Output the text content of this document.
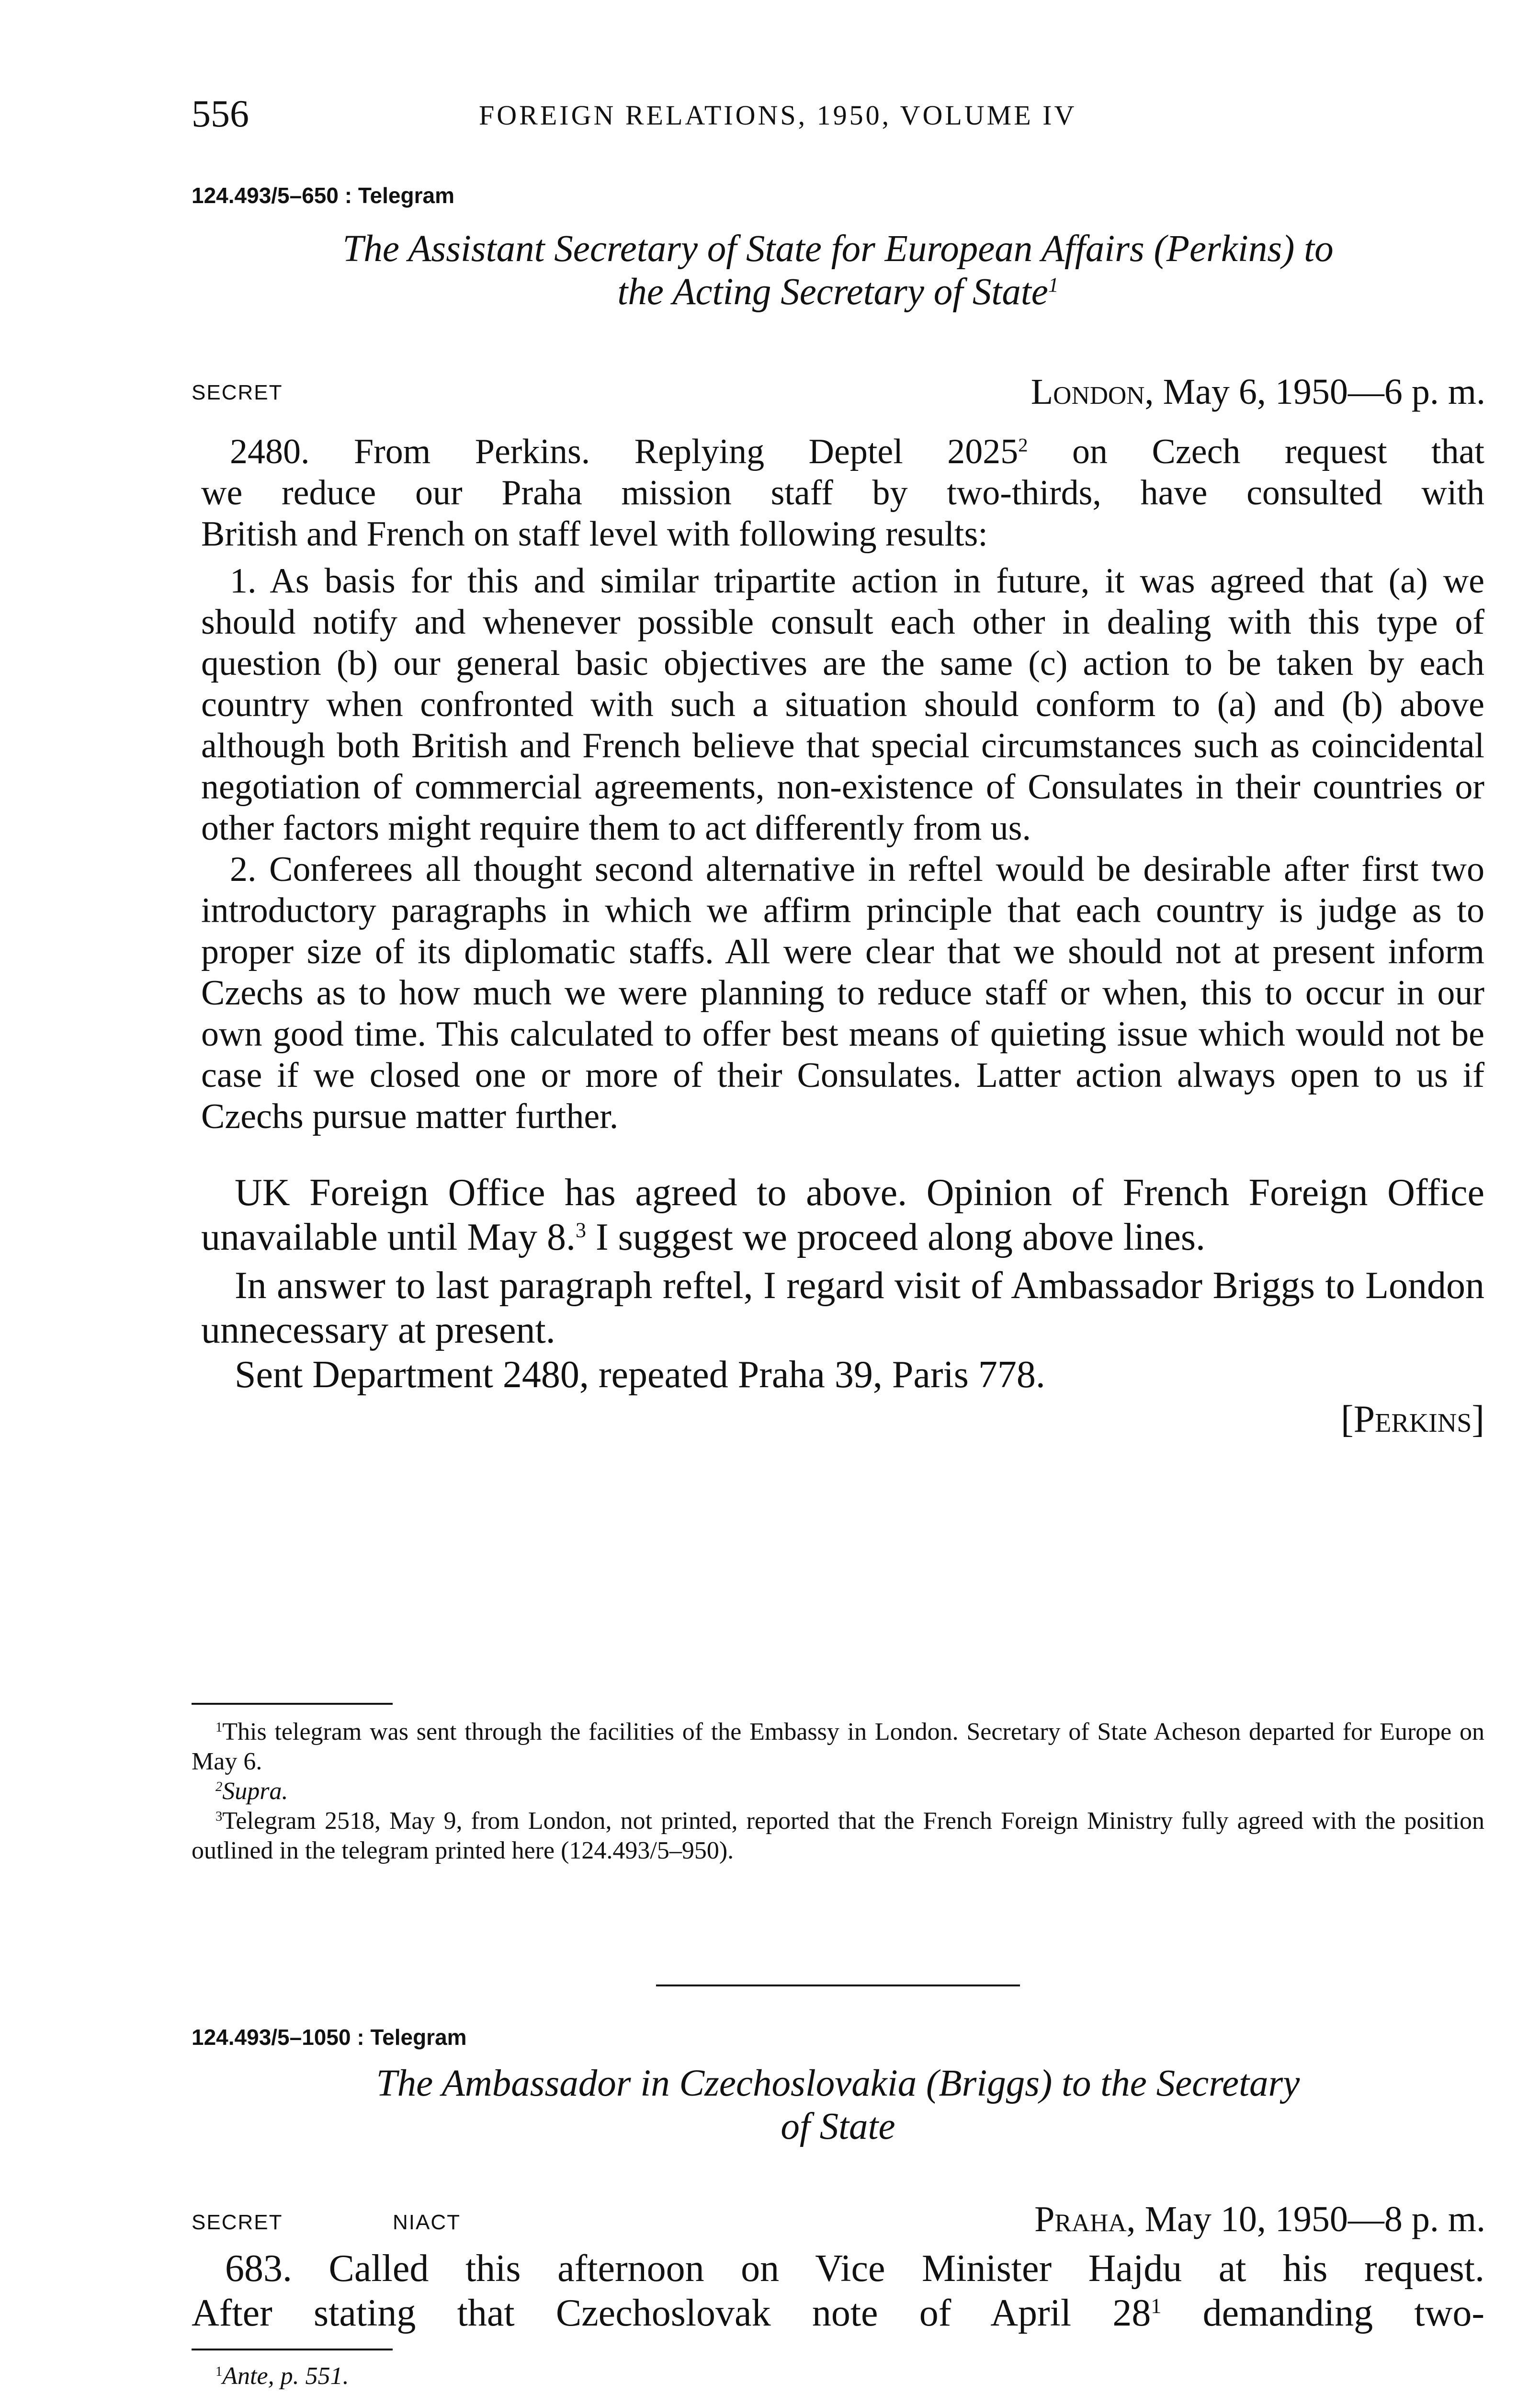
556	FOREIGN RELATIONS, 1950, VOLUME IV
124.493/5–650 : Telegram
The Assistant Secretary of State for European Affairs (Perkins) to
the Acting Secretary of State$^1$
SECRET	London, May 6, 1950—6 p. m.
2480. From Perkins. Replying Deptel 2025$^2$ on Czech request that
we reduce our Praha mission staff by two-thirds, have consulted with
British and French on staff level with following results:
1. As basis for this and similar tripartite action in future, it was agreed that (a) we should notify and whenever possible consult each other in dealing with this type of question (b) our general basic objectives are the same (c) action to be taken by each country when confronted with such a situation should conform to (a) and (b) above although both British and French believe that special circumstances such as coincidental negotiation of commercial agreements, non-existence of Consulates in their countries or other factors might require them to act differently from us.
2. Conferees all thought second alternative in reftel would be desirable after first two introductory paragraphs in which we affirm principle that each country is judge as to proper size of its diplomatic staffs. All were clear that we should not at present inform Czechs as to how much we were planning to reduce staff or when, this to occur in our own good time. This calculated to offer best means of quieting issue which would not be case if we closed one or more of their Consulates. Latter action always open to us if Czechs pursue matter further.
UK Foreign Office has agreed to above. Opinion of French Foreign Office unavailable until May 8.$^3$ I suggest we proceed along above lines.
In answer to last paragraph reftel, I regard visit of Ambassador Briggs to London unnecessary at present.
Sent Department 2480, repeated Praha 39, Paris 778.
[Perkins]
$^1$This telegram was sent through the facilities of the Embassy in London. Secretary of State Acheson departed for Europe on May 6.
$^2$Supra.
$^3$Telegram 2518, May 9, from London, not printed, reported that the French Foreign Ministry fully agreed with the position outlined in the telegram printed here (124.493/5–950).
124.493/5–1050 : Telegram
The Ambassador in Czechoslovakia (Briggs) to the Secretary
of State
SECRET	NIACT	Praha, May 10, 1950—8 p. m.
683. Called this afternoon on Vice Minister Hajdu at his request.
After stating that Czechoslovak note of April $28^1$ demanding two-
$^1$Ante, p. 551.
